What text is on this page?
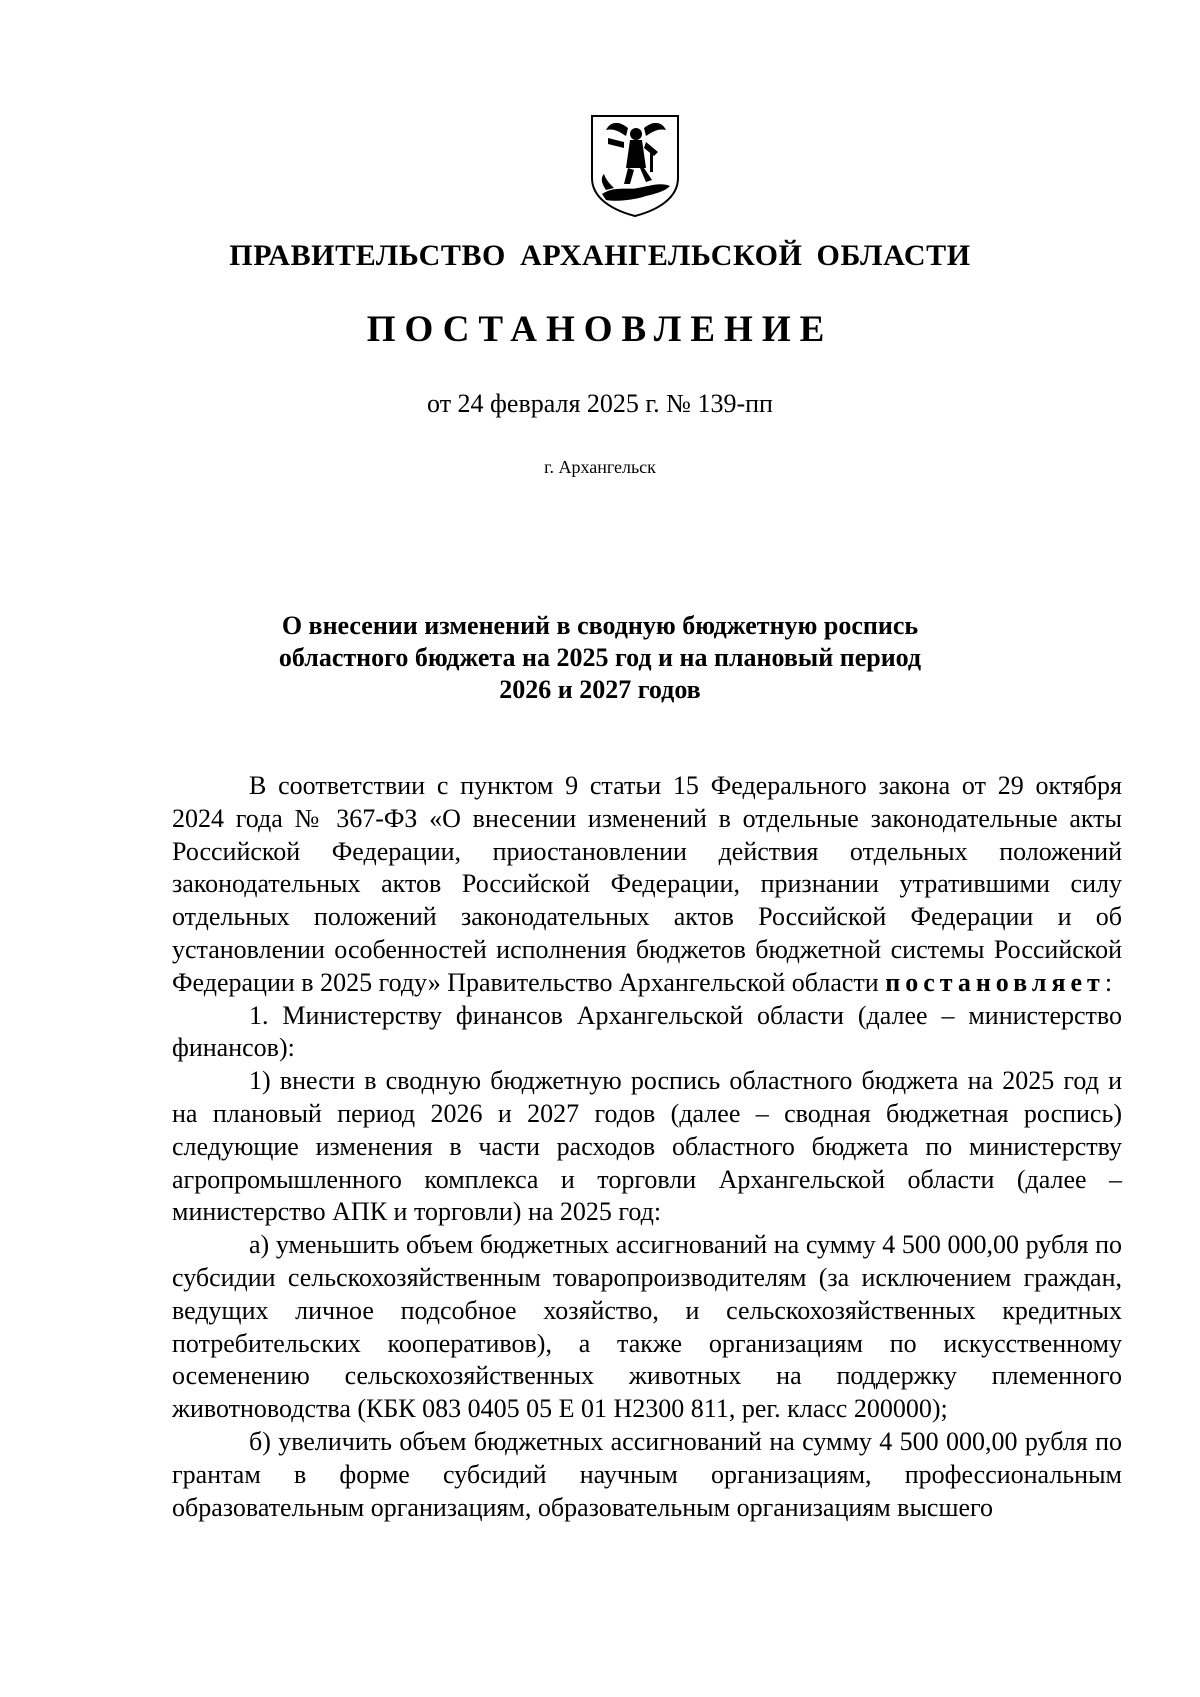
ПРАВИТЕЛЬСТВО АРХАНГЕЛЬСКОЙ ОБЛАСТИ
ПОСТАНОВЛЕНИЕ
от 24 февраля 2025 г. № 139-пп
г. Архангельск
О внесении изменений в сводную бюджетную роспись
областного бюджета на 2025 год и на плановый период
2026 и 2027 годов

В соответствии с пунктом 9 статьи 15 Федерального закона от 29 октября 2024 года № 367-ФЗ «О внесении изменений в отдельные законодательные акты Российской Федерации, приостановлении действия отдельных положений законодательных актов Российской Федерации, признании утратившими силу отдельных положений законодательных актов Российской Федерации и об установлении особенностей исполнения бюджетов бюджетной системы Российской Федерации в 2025 году» Правительство Архангельской области постановляет:

1. Министерству финансов Архангельской области (далее – министерство финансов):

1) внести в сводную бюджетную роспись областного бюджета на 2025 год и на плановый период 2026 и 2027 годов (далее – сводная бюджетная роспись) следующие изменения в части расходов областного бюджета по министерству агропромышленного комплекса и торговли Архангельской области (далее – министерство АПК и торговли) на 2025 год:

а) уменьшить объем бюджетных ассигнований на сумму 4 500 000,00 рубля по субсидии сельскохозяйственным товаропроизводителям (за исключением граждан, ведущих личное подсобное хозяйство, и сельскохозяйственных кредитных потребительских кооперативов), а также организациям по искусственному осеменению сельскохозяйственных животных на поддержку племенного животноводства (КБК 083 0405 05 Е 01 Н2300 811, рег. класс 200000);

б) увеличить объем бюджетных ассигнований на сумму 4 500 000,00 рубля по грантам в форме субсидий научным организациям, профессиональным образовательным организациям, образовательным организациям высшего
